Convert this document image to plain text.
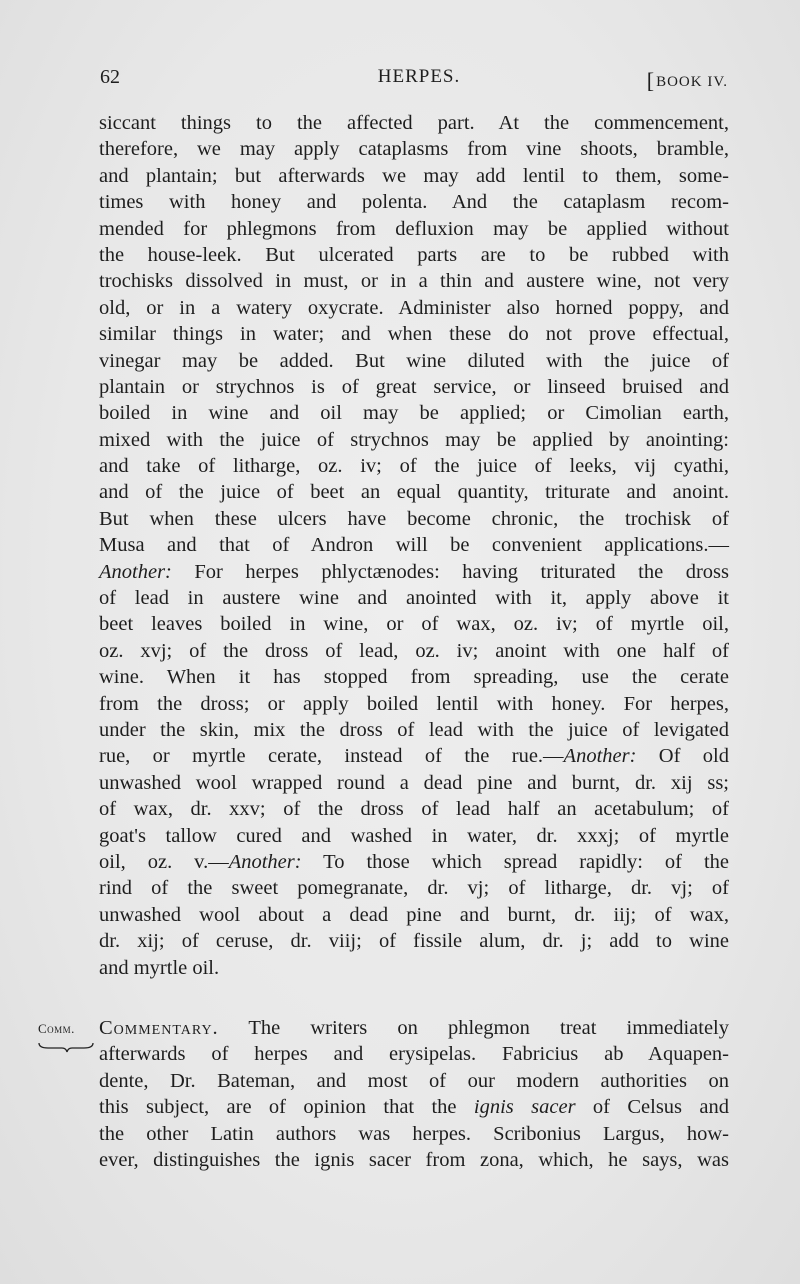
62	HERPES.	[BOOK IV.
siccant things to the affected part. At the commencement,
therefore, we may apply cataplasms from vine shoots, bramble,
and plantain; but afterwards we may add lentil to them, some-
times with honey and polenta. And the cataplasm recom-
mended for phlegmons from defluxion may be applied without
the house-leek. But ulcerated parts are to be rubbed with
trochisks dissolved in must, or in a thin and austere wine, not very
old, or in a watery oxycrate. Administer also horned poppy, and
similar things in water; and when these do not prove effectual,
vinegar may be added. But wine diluted with the juice of
plantain or strychnos is of great service, or linseed bruised and
boiled in wine and oil may be applied; or Cimolian earth,
mixed with the juice of strychnos may be applied by anointing:
and take of litharge, oz. iv; of the juice of leeks, vij cyathi,
and of the juice of beet an equal quantity, triturate and anoint.
But when these ulcers have become chronic, the trochisk of
Musa and that of Andron will be convenient applications.—
Another: For herpes phlyctænodes: having triturated the dross
of lead in austere wine and anointed with it, apply above it
beet leaves boiled in wine, or of wax, oz. iv; of myrtle oil,
oz. xvj; of the dross of lead, oz. iv; anoint with one half of
wine. When it has stopped from spreading, use the cerate
from the dross; or apply boiled lentil with honey. For herpes,
under the skin, mix the dross of lead with the juice of levigated
rue, or myrtle cerate, instead of the rue.—Another: Of old
unwashed wool wrapped round a dead pine and burnt, dr. xij ss;
of wax, dr. xxv; of the dross of lead half an acetabulum; of
goat's tallow cured and washed in water, dr. xxxj; of myrtle
oil, oz. v.—Another: To those which spread rapidly: of the
rind of the sweet pomegranate, dr. vj; of litharge, dr. vj; of
unwashed wool about a dead pine and burnt, dr. iij; of wax,
dr. xij; of ceruse, dr. viij; of fissile alum, dr. j; add to wine
and myrtle oil.
Comm.	Commentary. The writers on phlegmon treat immediately
afterwards of herpes and erysipelas. Fabricius ab Aquapen-
dente, Dr. Bateman, and most of our modern authorities on
this subject, are of opinion that the ignis sacer of Celsus and
the other Latin authors was herpes. Scribonius Largus, how-
ever, distinguishes the ignis sacer from zona, which, he says, was
